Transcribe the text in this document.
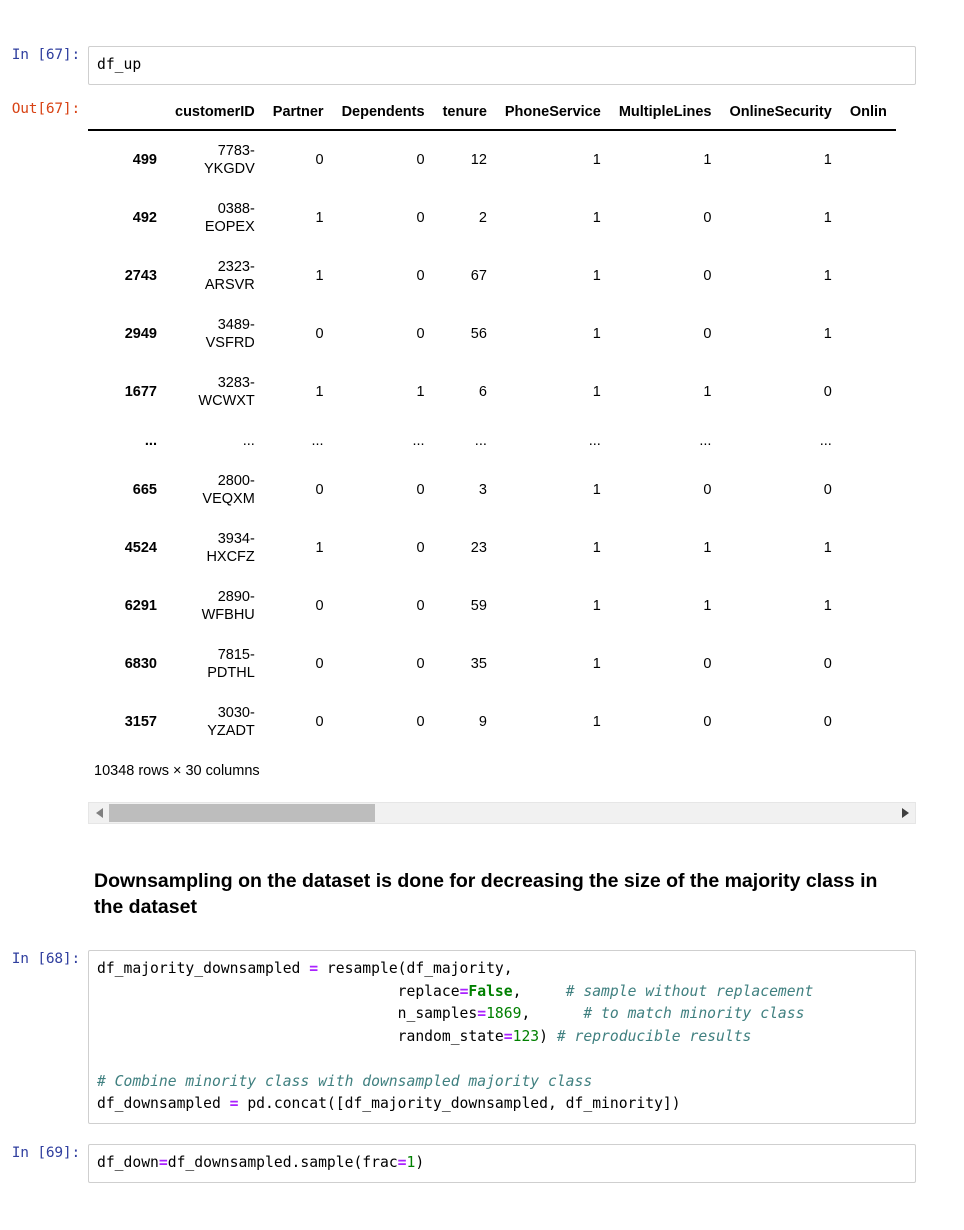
In [67]:
df_up
Out[67]:
		customerID	Partner	Dependents	tenure	PhoneService	MultipleLines	OnlineSecurity	Onlin
499	7783-YKGDV	0	0	12	1	1	1	
492	0388-EOPEX	1	0	2	1	0	1	
2743	2323-ARSVR	1	0	67	1	0	1	
2949	3489-VSFRD	0	0	56	1	0	1	
1677	3283-WCWXT	1	1	6	1	1	0	
...	...	...	...	...	...	...	...	
665	2800-VEQXM	0	0	3	1	0	0	
4524	3934-HXCFZ	1	0	23	1	1	1	
6291	2890-WFBHU	0	0	59	1	1	1	
6830	7815-PDTHL	0	0	35	1	0	0	
3157	3030-YZADT	0	0	9	1	0	0	
10348 rows × 30 columns
Downsampling on the dataset is done for decreasing the size of the majority class in the dataset
In [68]:
df_majority_downsampled = resample(df_majority,
replace=False,	# sample without replacement
n_samples=1869,	# to match minority class
random_state=123) # reproducible results

# Combine minority class with downsampled majority class
df_downsampled = pd.concat([df_majority_downsampled, df_minority])
In [69]:
df_down=df_downsampled.sample(frac=1)
